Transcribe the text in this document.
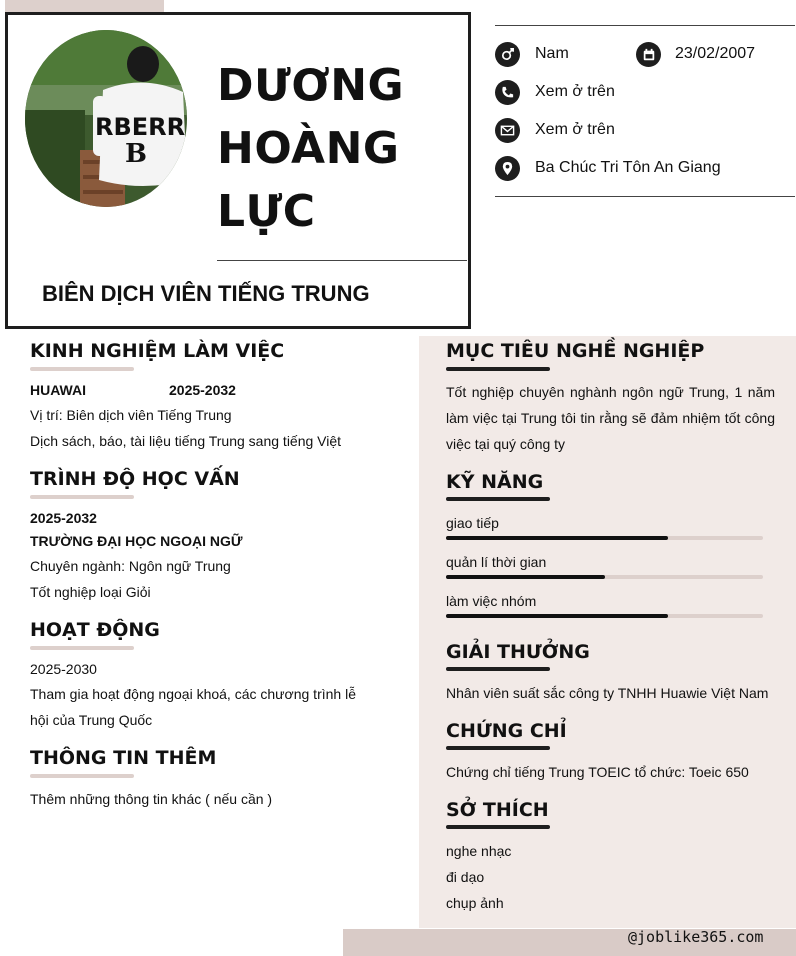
RBERR
B
DƯƠNG
HOÀNG
LỰC
BIÊN DỊCH VIÊN TIẾNG TRUNG
Nam	23/02/2007
Xem ở trên
Xem ở trên
Ba Chúc Tri Tôn An Giang
KINH NGHIỆM LÀM VIỆC
HUAWAI	2025-2032
Vị trí: Biên dịch viên Tiếng Trung
Dịch sách, báo, tài liệu tiếng Trung sang tiếng Việt
TRÌNH ĐỘ HỌC VẤN
2025-2032
TRƯỜNG ĐẠI HỌC NGOẠI NGỮ
Chuyên ngành: Ngôn ngữ Trung
Tốt nghiệp loại Giỏi
HOẠT ĐỘNG
2025-2030
Tham gia hoạt động ngoại khoá, các chương trình lễ
hội của Trung Quốc
THÔNG TIN THÊM
Thêm những thông tin khác ( nếu cần )
MỤC TIÊU NGHỀ NGHIỆP
Tốt nghiệp chuyên nghành ngôn ngữ Trung, 1 năm
làm việc tại Trung tôi tin rằng sẽ đảm nhiệm tốt công
việc tại quý công ty
KỸ NĂNG
giao tiếp
quản lí thời gian
làm việc nhóm
GIẢI THƯỞNG
Nhân viên suất sắc công ty TNHH Huawie Việt Nam
CHỨNG CHỈ
Chứng chỉ tiếng Trung TOEIC tổ chức: Toeic 650
SỞ THÍCH
nghe nhạc
đi dạo
chụp ảnh
@joblike365.com
